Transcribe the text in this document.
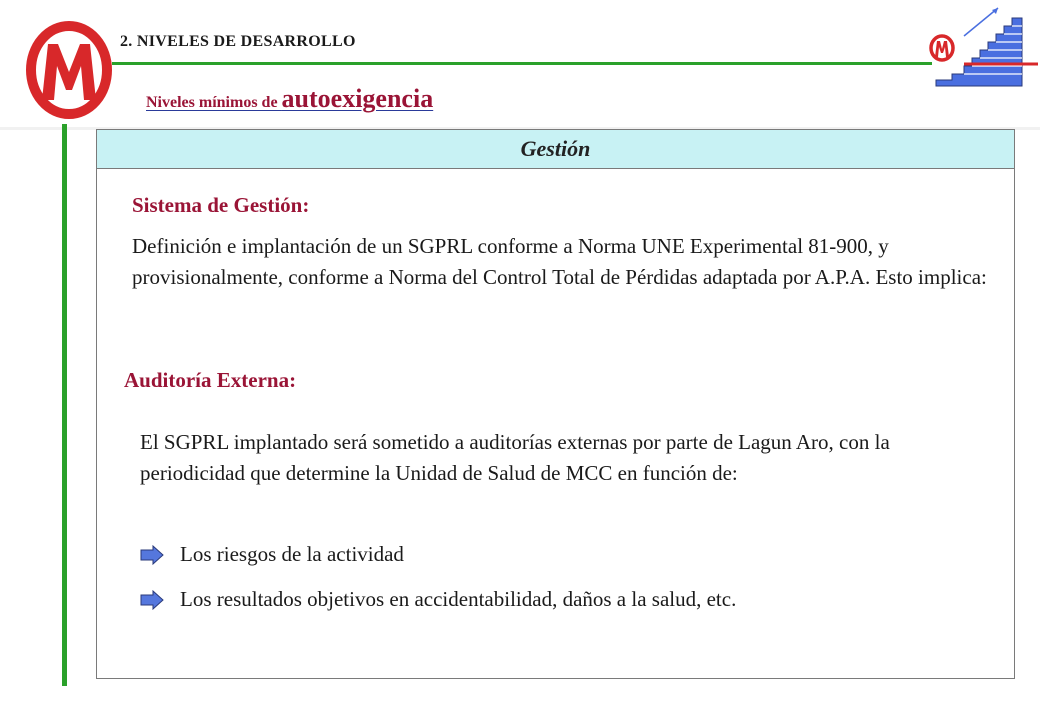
M
2. NIVELES DE DESARROLLO
Niveles mínimos de autoexigencia
Gestión
Sistema de Gestión:
Definición e implantación de un SGPRL conforme a Norma UNE Experimental 81-900, y provisionalmente, conforme a Norma del Control Total de Pérdidas adaptada por A.P.A. Esto implica:
Auditoría Externa:
El SGPRL implantado será sometido a auditorías externas por parte de Lagun Aro, con la periodicidad que determine la Unidad de Salud de MCC en función de:
Los riesgos de la actividad
Los resultados objetivos en accidentabilidad, daños a la salud, etc.
